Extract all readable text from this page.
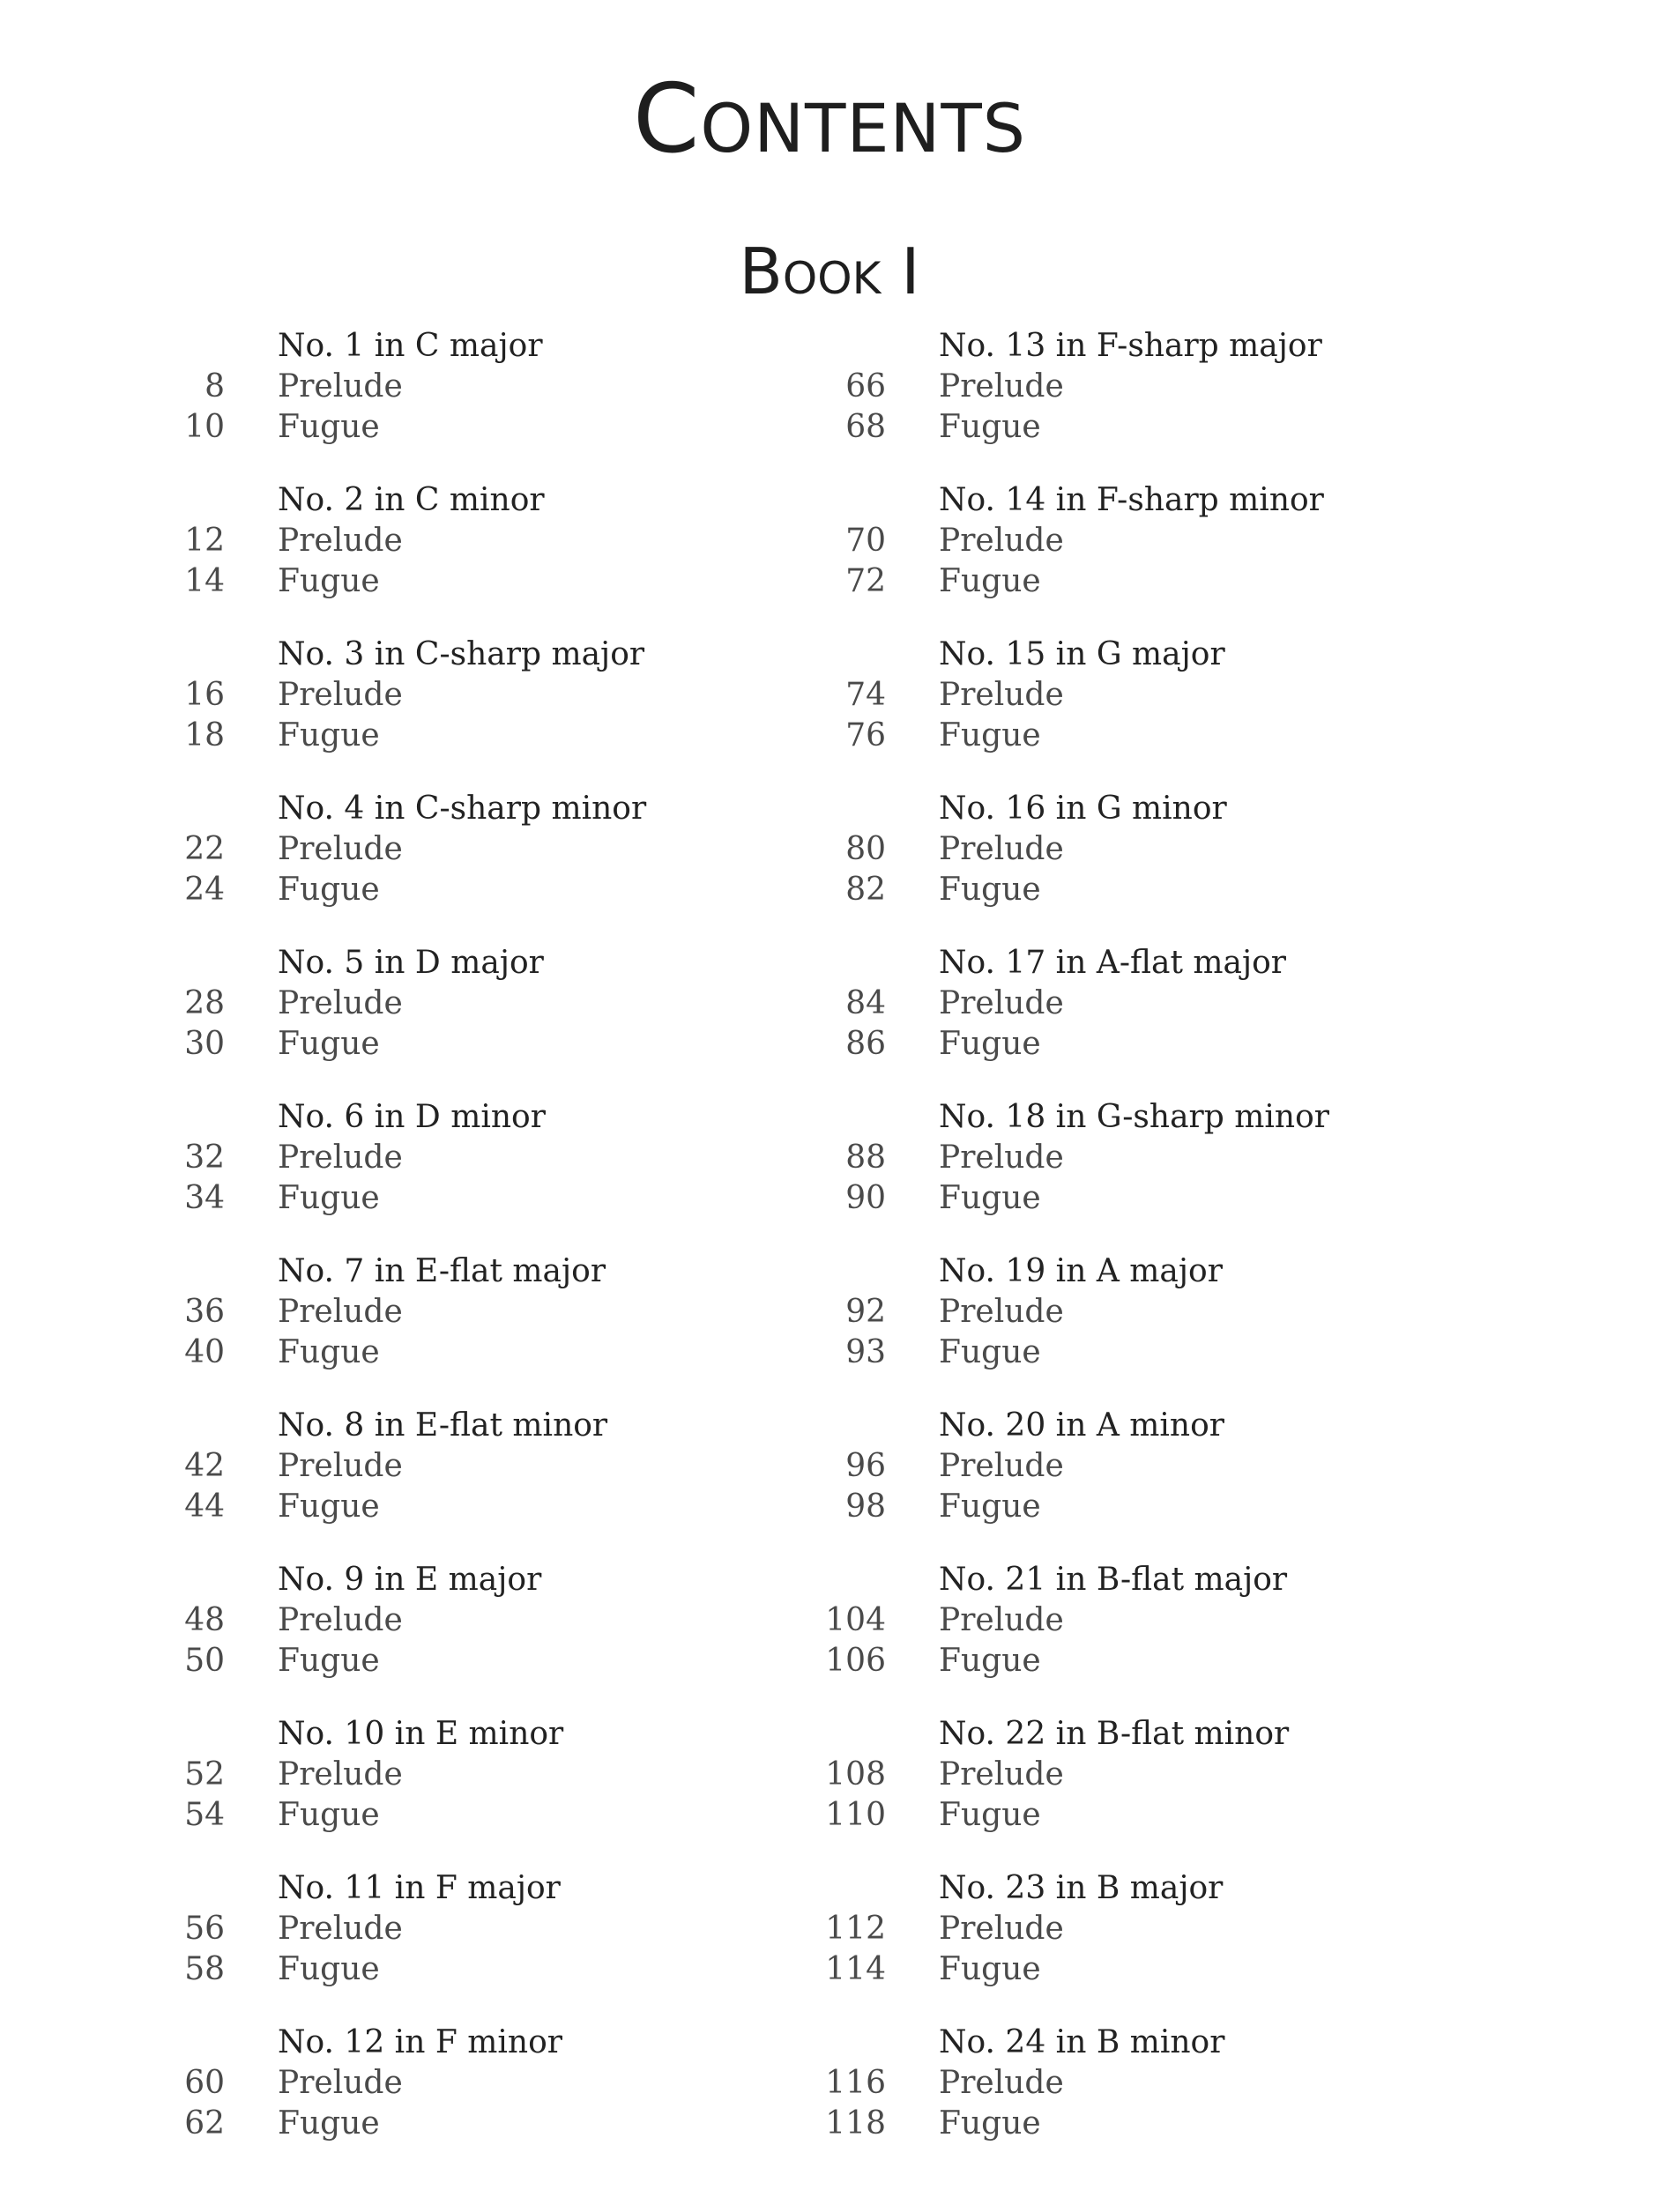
Contents
Book I
No. 1 in C major
8 Prelude
10 Fugue
No. 2 in C minor
12 Prelude
14 Fugue
No. 3 in C-sharp major
16 Prelude
18 Fugue
No. 4 in C-sharp minor
22 Prelude
24 Fugue
No. 5 in D major
28 Prelude
30 Fugue
No. 6 in D minor
32 Prelude
34 Fugue
No. 7 in E-flat major
36 Prelude
40 Fugue
No. 8 in E-flat minor
42 Prelude
44 Fugue
No. 9 in E major
48 Prelude
50 Fugue
No. 10 in E minor
52 Prelude
54 Fugue
No. 11 in F major
56 Prelude
58 Fugue
No. 12 in F minor
60 Prelude
62 Fugue
No. 13 in F-sharp major
66 Prelude
68 Fugue
No. 14 in F-sharp minor
70 Prelude
72 Fugue
No. 15 in G major
74 Prelude
76 Fugue
No. 16 in G minor
80 Prelude
82 Fugue
No. 17 in A-flat major
84 Prelude
86 Fugue
No. 18 in G-sharp minor
88 Prelude
90 Fugue
No. 19 in A major
92 Prelude
93 Fugue
No. 20 in A minor
96 Prelude
98 Fugue
No. 21 in B-flat major
104 Prelude
106 Fugue
No. 22 in B-flat minor
108 Prelude
110 Fugue
No. 23 in B major
112 Prelude
114 Fugue
No. 24 in B minor
116 Prelude
118 Fugue
